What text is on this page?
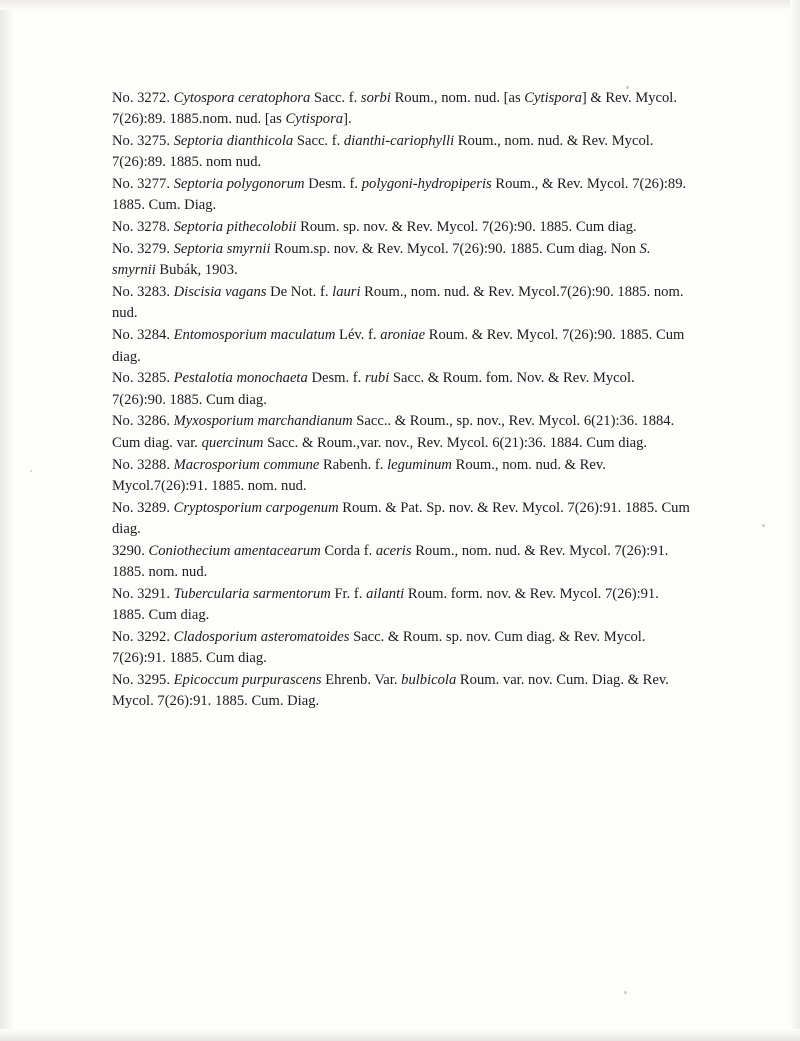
No. 3272. Cytospora ceratophora Sacc. f. sorbi Roum., nom. nud. [as Cytispora] & Rev. Mycol. 7(26):89. 1885.nom. nud. [as Cytispora].

No. 3275. Septoria dianthicola Sacc. f. dianthi-cariophylli Roum., nom. nud. & Rev. Mycol. 7(26):89. 1885. nom nud.

No. 3277. Septoria polygonorum Desm. f. polygoni-hydropiperis Roum., & Rev. Mycol. 7(26):89. 1885. Cum. Diag.

No. 3278. Septoria pithecolobii Roum. sp. nov. & Rev. Mycol. 7(26):90. 1885. Cum diag.

No. 3279. Septoria smyrnii Roum.sp. nov. & Rev. Mycol. 7(26):90. 1885. Cum diag. Non S. smyrnii Bubák, 1903.

No. 3283. Discisia vagans De Not. f. lauri Roum., nom. nud. & Rev. Mycol.7(26):90. 1885. nom. nud.

No. 3284. Entomosporium maculatum Lév. f. aroniae Roum. & Rev. Mycol. 7(26):90. 1885. Cum diag.

No. 3285. Pestalotia monochaeta Desm. f. rubi Sacc. & Roum. fom. Nov. & Rev. Mycol. 7(26):90. 1885. Cum diag.

No. 3286. Myxosporium marchandianum Sacc.. & Roum., sp. nov., Rev. Mycol. 6(21):36. 1884. Cum diag. var. quercinum Sacc. & Roum.,var. nov., Rev. Mycol. 6(21):36. 1884. Cum diag.

No. 3288. Macrosporium commune Rabenh. f. leguminum Roum., nom. nud. & Rev. Mycol.7(26):91. 1885. nom. nud.

No. 3289. Cryptosporium carpogenum Roum. & Pat. Sp. nov. & Rev. Mycol. 7(26):91. 1885. Cum diag.

3290. Coniothecium amentacearum Corda f. aceris Roum., nom. nud. & Rev. Mycol. 7(26):91. 1885. nom. nud.

No. 3291. Tubercularia sarmentorum Fr. f. ailanti Roum. form. nov. & Rev. Mycol. 7(26):91. 1885. Cum diag.

No. 3292. Cladosporium asteromatoides Sacc. & Roum. sp. nov. Cum diag. & Rev. Mycol. 7(26):91. 1885. Cum diag.

No. 3295. Epicoccum purpurascens Ehrenb. Var. bulbicola Roum. var. nov. Cum. Diag. & Rev. Mycol. 7(26):91. 1885. Cum. Diag.
